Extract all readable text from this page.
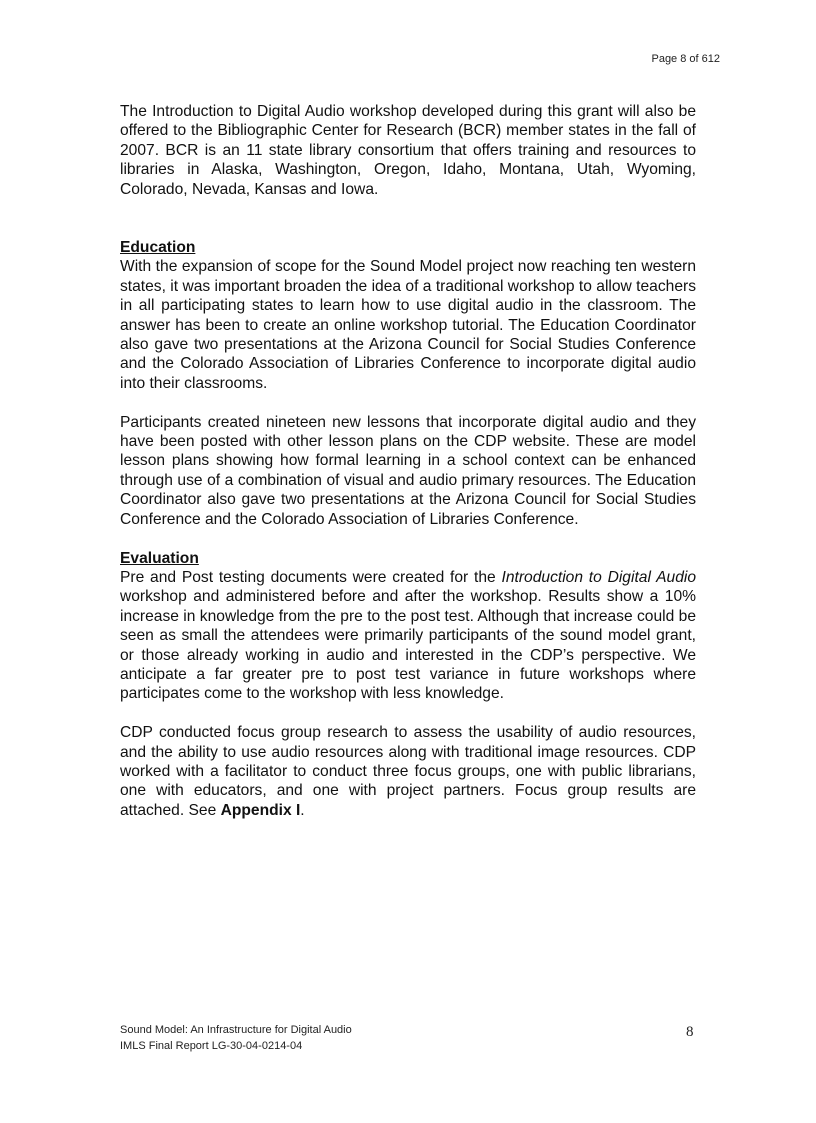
Page 8 of 612

The Introduction to Digital Audio workshop developed during this grant will also be offered to the Bibliographic Center for Research (BCR) member states in the fall of 2007. BCR is an 11 state library consortium that offers training and resources to libraries in Alaska, Washington, Oregon, Idaho, Montana, Utah, Wyoming, Colorado, Nevada, Kansas and Iowa.

Education

With the expansion of scope for the Sound Model project now reaching ten western states, it was important broaden the idea of a traditional workshop to allow teachers in all participating states to learn how to use digital audio in the classroom. The answer has been to create an online workshop tutorial. The Education Coordinator also gave two presentations at the Arizona Council for Social Studies Conference and the Colorado Association of Libraries Conference to incorporate digital audio into their classrooms.

Participants created nineteen new lessons that incorporate digital audio and they have been posted with other lesson plans on the CDP website. These are model lesson plans showing how formal learning in a school context can be enhanced through use of a combination of visual and audio primary resources. The Education Coordinator also gave two presentations at the Arizona Council for Social Studies Conference and the Colorado Association of Libraries Conference.

Evaluation

Pre and Post testing documents were created for the Introduction to Digital Audio workshop and administered before and after the workshop. Results show a 10% increase in knowledge from the pre to the post test. Although that increase could be seen as small the attendees were primarily participants of the sound model grant, or those already working in audio and interested in the CDP’s perspective. We anticipate a far greater pre to post test variance in future workshops where participates come to the workshop with less knowledge.

CDP conducted focus group research to assess the usability of audio resources, and the ability to use audio resources along with traditional image resources. CDP worked with a facilitator to conduct three focus groups, one with public librarians, one with educators, and one with project partners. Focus group results are attached. See Appendix I.

Sound Model: An Infrastructure for Digital Audio
IMLS Final Report LG-30-04-0214-04
8
